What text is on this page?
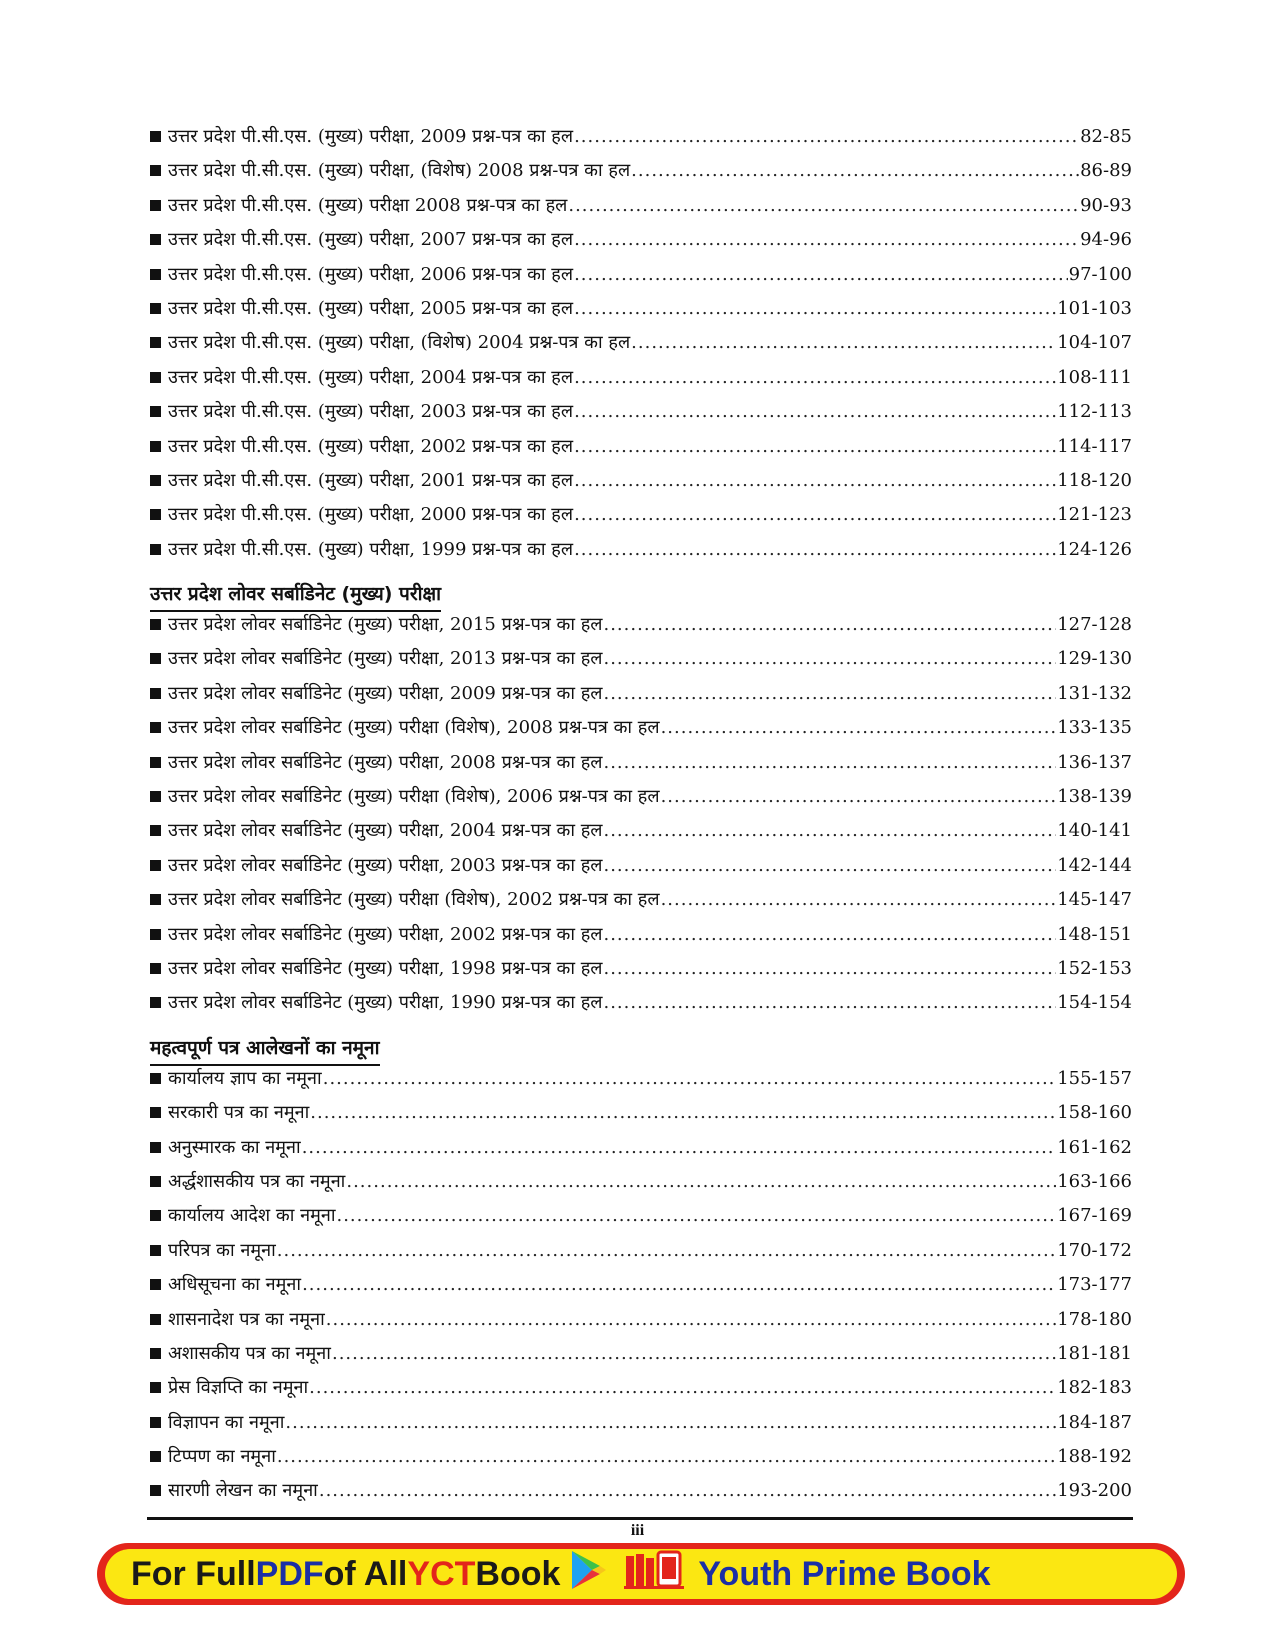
उत्तर प्रदेश पी.सी.एस. (मुख्य) परीक्षा, 2009 प्रश्न-पत्र का हल .....	82-85
उत्तर प्रदेश पी.सी.एस. (मुख्य) परीक्षा, (विशेष) 2008 प्रश्न-पत्र का हल .....	86-89
उत्तर प्रदेश पी.सी.एस. (मुख्य) परीक्षा 2008 प्रश्न-पत्र का हल .....	90-93
उत्तर प्रदेश पी.सी.एस. (मुख्य) परीक्षा, 2007 प्रश्न-पत्र का हल .....	94-96
उत्तर प्रदेश पी.सी.एस. (मुख्य) परीक्षा, 2006 प्रश्न-पत्र का हल .....	97-100
उत्तर प्रदेश पी.सी.एस. (मुख्य) परीक्षा, 2005 प्रश्न-पत्र का हल .....	101-103
उत्तर प्रदेश पी.सी.एस. (मुख्य) परीक्षा, (विशेष) 2004 प्रश्न-पत्र का हल .....	104-107
उत्तर प्रदेश पी.सी.एस. (मुख्य) परीक्षा, 2004 प्रश्न-पत्र का हल .....	108-111
उत्तर प्रदेश पी.सी.एस. (मुख्य) परीक्षा, 2003 प्रश्न-पत्र का हल .....	112-113
उत्तर प्रदेश पी.सी.एस. (मुख्य) परीक्षा, 2002 प्रश्न-पत्र का हल .....	114-117
उत्तर प्रदेश पी.सी.एस. (मुख्य) परीक्षा, 2001 प्रश्न-पत्र का हल .....	118-120
उत्तर प्रदेश पी.सी.एस. (मुख्य) परीक्षा, 2000 प्रश्न-पत्र का हल .....	121-123
उत्तर प्रदेश पी.सी.एस. (मुख्य) परीक्षा, 1999 प्रश्न-पत्र का हल .....	124-126
उत्तर प्रदेश लोवर सर्बाडिनेट (मुख्य) परीक्षा
उत्तर प्रदेश लोवर सर्बाडिनेट (मुख्य) परीक्षा, 2015 प्रश्न-पत्र का हल .....	127-128
उत्तर प्रदेश लोवर सर्बाडिनेट (मुख्य) परीक्षा, 2013 प्रश्न-पत्र का हल .....	129-130
उत्तर प्रदेश लोवर सर्बाडिनेट (मुख्य) परीक्षा, 2009 प्रश्न-पत्र का हल .....	131-132
उत्तर प्रदेश लोवर सर्बाडिनेट (मुख्य) परीक्षा (विशेष), 2008 प्रश्न-पत्र का हल .....	133-135
उत्तर प्रदेश लोवर सर्बाडिनेट (मुख्य) परीक्षा, 2008 प्रश्न-पत्र का हल .....	136-137
उत्तर प्रदेश लोवर सर्बाडिनेट (मुख्य) परीक्षा (विशेष), 2006 प्रश्न-पत्र का हल .....	138-139
उत्तर प्रदेश लोवर सर्बाडिनेट (मुख्य) परीक्षा, 2004 प्रश्न-पत्र का हल .....	140-141
उत्तर प्रदेश लोवर सर्बाडिनेट (मुख्य) परीक्षा, 2003 प्रश्न-पत्र का हल .....	142-144
उत्तर प्रदेश लोवर सर्बाडिनेट (मुख्य) परीक्षा (विशेष), 2002 प्रश्न-पत्र का हल .....	145-147
उत्तर प्रदेश लोवर सर्बाडिनेट (मुख्य) परीक्षा, 2002 प्रश्न-पत्र का हल .....	148-151
उत्तर प्रदेश लोवर सर्बाडिनेट (मुख्य) परीक्षा, 1998 प्रश्न-पत्र का हल .....	152-153
उत्तर प्रदेश लोवर सर्बाडिनेट (मुख्य) परीक्षा, 1990 प्रश्न-पत्र का हल .....	154-154
महत्वपूर्ण पत्र आलेखनों का नमूना
कार्यालय ज्ञाप का नमूना .....	155-157
सरकारी पत्र का नमूना .....	158-160
अनुस्मारक का नमूना .....	161-162
अर्द्धशासकीय पत्र का नमूना .....	163-166
कार्यालय आदेश का नमूना .....	167-169
परिपत्र का नमूना .....	170-172
अधिसूचना का नमूना .....	173-177
शासनादेश पत्र का नमूना .....	178-180
अशासकीय पत्र का नमूना .....	181-181
प्रेस विज्ञप्ति का नमूना .....	182-183
विज्ञापन का नमूना .....	184-187
टिप्पण का नमूना .....	188-192
सारणी लेखन का नमूना .....	193-200
iii
For Full PDF of All YCT Book	Youth Prime Book
